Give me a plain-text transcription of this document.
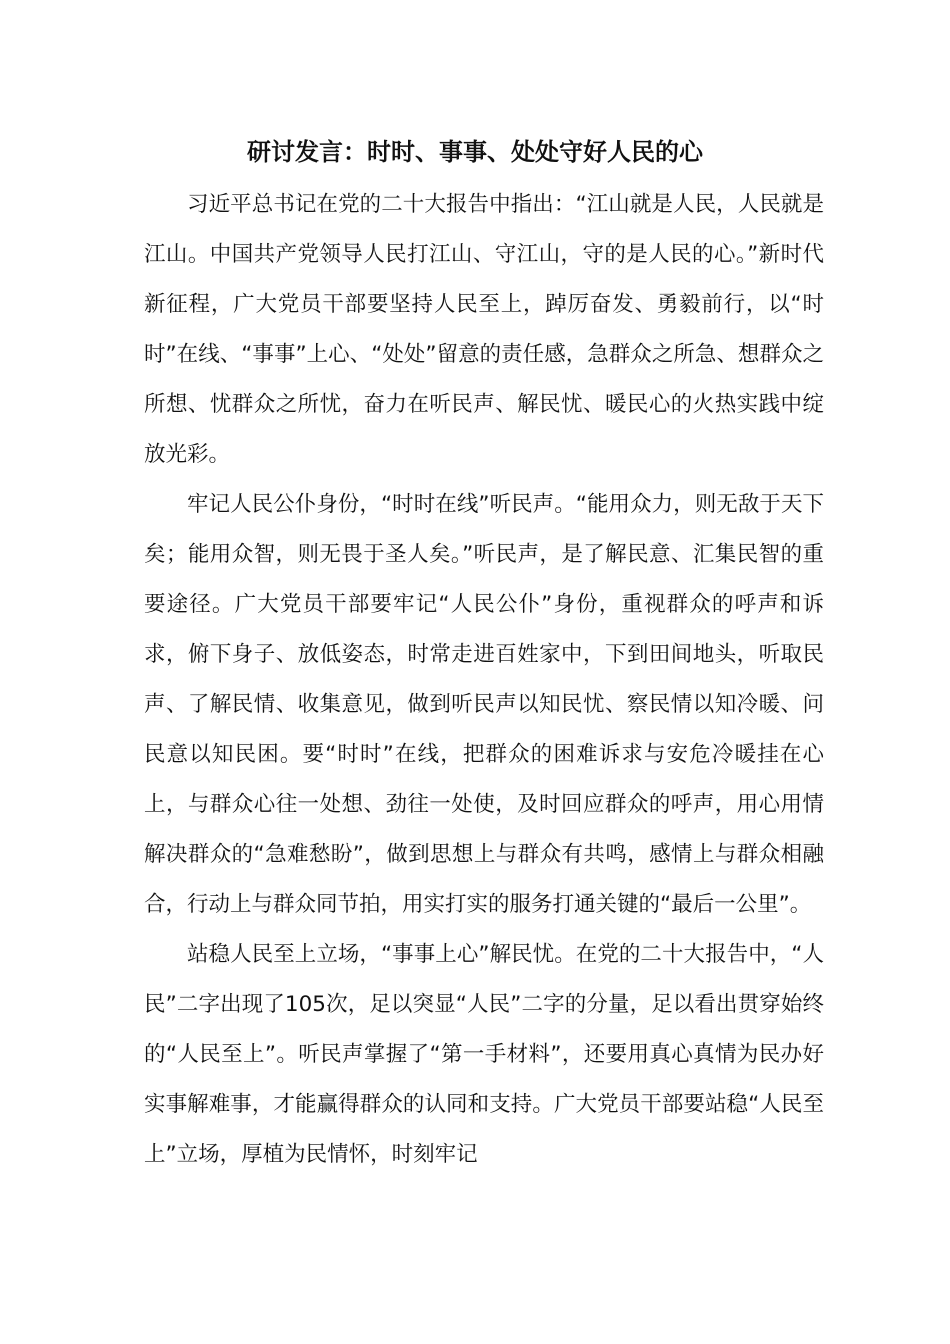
研讨发言：时时、事事、处处守好人民的心

习近平总书记在党的二十大报告中指出：“江山就是人民，人民就是江山。中国共产党领导人民打江山、守江山，守的是人民的心。”新时代新征程，广大党员干部要坚持人民至上，踔厉奋发、勇毅前行，以“时时”在线、“事事”上心、“处处”留意的责任感，急群众之所急、想群众之所想、忧群众之所忧，奋力在听民声、解民忧、暖民心的火热实践中绽放光彩。

牢记人民公仆身份，“时时在线”听民声。“能用众力，则无敌于天下矣；能用众智，则无畏于圣人矣。”听民声，是了解民意、汇集民智的重要途径。广大党员干部要牢记“人民公仆”身份，重视群众的呼声和诉求，俯下身子、放低姿态，时常走进百姓家中，下到田间地头，听取民声、了解民情、收集意见，做到听民声以知民忧、察民情以知冷暖、问民意以知民困。要“时时”在线，把群众的困难诉求与安危冷暖挂在心上，与群众心往一处想、劲往一处使，及时回应群众的呼声，用心用情解决群众的“急难愁盼”，做到思想上与群众有共鸣，感情上与群众相融合，行动上与群众同节拍，用实打实的服务打通关键的“最后一公里”。

站稳人民至上立场，“事事上心”解民忧。在党的二十大报告中，“人民”二字出现了105次，足以突显“人民”二字的分量，足以看出贯穿始终的“人民至上”。听民声掌握了“第一手材料”，还要用真心真情为民办好实事解难事，才能赢得群众的认同和支持。广大党员干部要站稳“人民至上”立场，厚植为民情怀，时刻牢记
